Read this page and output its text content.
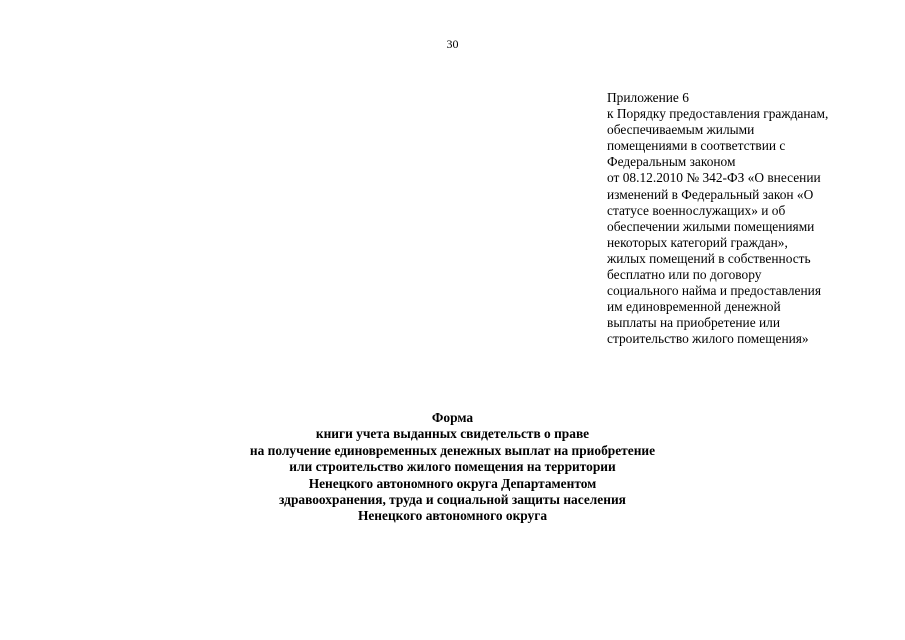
30
Приложение 6
к Порядку предоставления гражданам,
обеспечиваемым жилыми
помещениями в соответствии с
Федеральным законом
от 08.12.2010 № 342-ФЗ «О внесении
изменений в Федеральный закон «О
статусе военнослужащих» и об
обеспечении жилыми помещениями
некоторых категорий граждан»,
жилых помещений в собственность
бесплатно или по договору
социального найма и предоставления
им единовременной денежной
выплаты на приобретение или
строительство жилого помещения»
Форма
книги учета выданных свидетельств о праве
на получение единовременных денежных выплат на приобретение
или строительство жилого помещения на территории
Ненецкого автономного округа Департаментом
здравоохранения, труда и социальной защиты населения
Ненецкого автономного округа
